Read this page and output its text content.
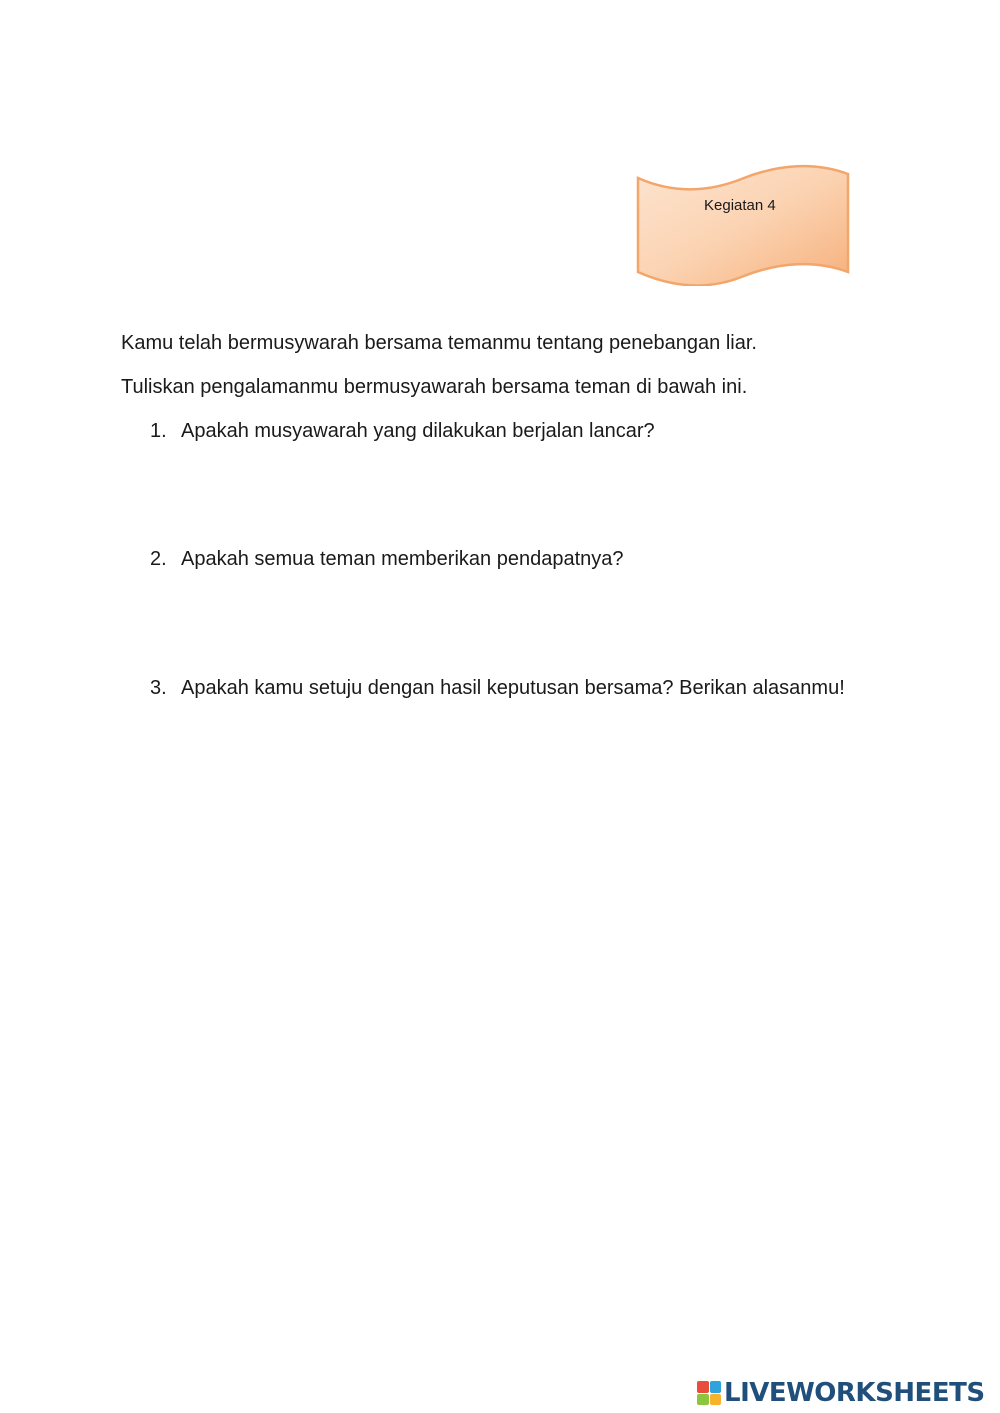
Kegiatan 4
Kamu telah bermusywarah bersama temanmu tentang penebangan liar.
Tuliskan pengalamanmu bermusyawarah bersama teman di bawah ini.
1. Apakah musyawarah yang dilakukan berjalan lancar?
2. Apakah semua teman memberikan pendapatnya?
3. Apakah kamu setuju dengan hasil keputusan bersama? Berikan alasanmu!
LIVEWORKSHEETS
